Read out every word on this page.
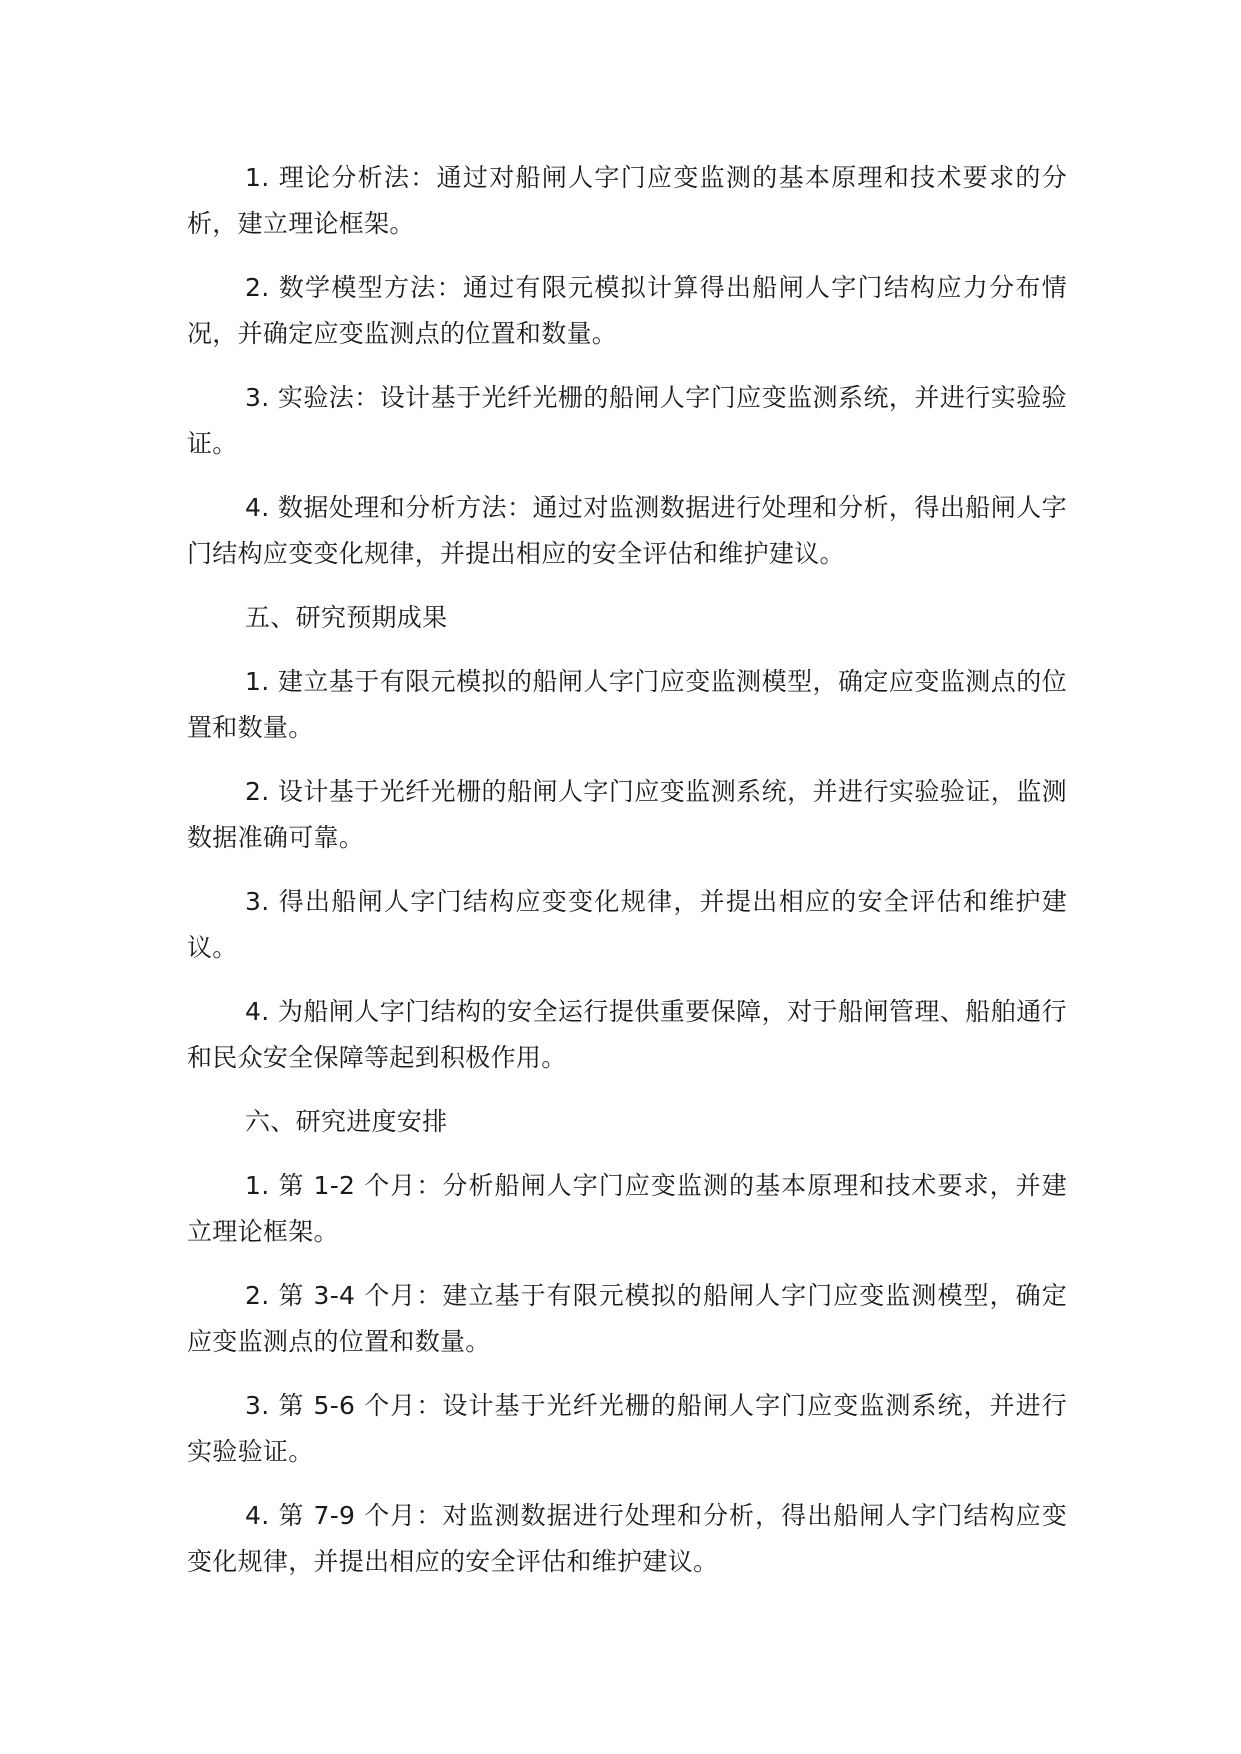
1. 理论分析法：通过对船闸人字门应变监测的基本原理和技术要求的分析，建立理论框架。

2. 数学模型方法：通过有限元模拟计算得出船闸人字门结构应力分布情况，并确定应变监测点的位置和数量。

3. 实验法：设计基于光纤光栅的船闸人字门应变监测系统，并进行实验验证。

4. 数据处理和分析方法：通过对监测数据进行处理和分析，得出船闸人字门结构应变变化规律，并提出相应的安全评估和维护建议。

五、研究预期成果

1. 建立基于有限元模拟的船闸人字门应变监测模型，确定应变监测点的位置和数量。

2. 设计基于光纤光栅的船闸人字门应变监测系统，并进行实验验证，监测数据准确可靠。

3. 得出船闸人字门结构应变变化规律，并提出相应的安全评估和维护建议。

4. 为船闸人字门结构的安全运行提供重要保障，对于船闸管理、船舶通行和民众安全保障等起到积极作用。

六、研究进度安排

1. 第 1-2 个月：分析船闸人字门应变监测的基本原理和技术要求，并建立理论框架。

2. 第 3-4 个月：建立基于有限元模拟的船闸人字门应变监测模型，确定应变监测点的位置和数量。

3. 第 5-6 个月：设计基于光纤光栅的船闸人字门应变监测系统，并进行实验验证。

4. 第 7-9 个月：对监测数据进行处理和分析，得出船闸人字门结构应变变化规律，并提出相应的安全评估和维护建议。
